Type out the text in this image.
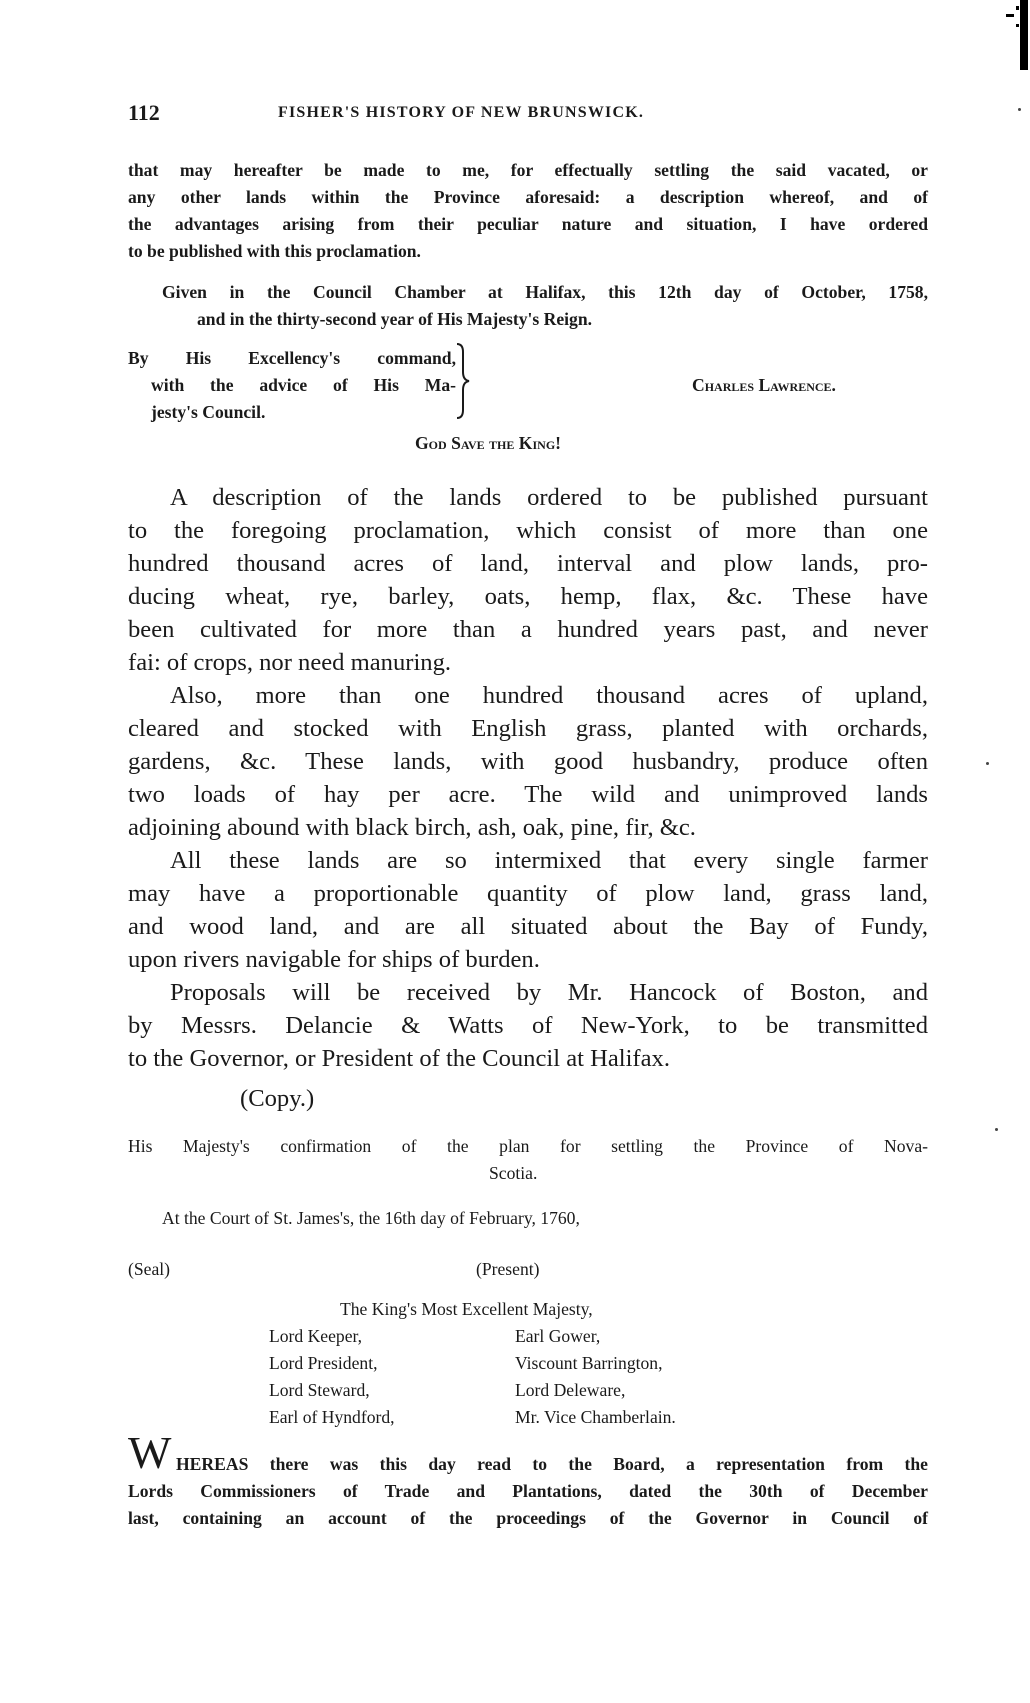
112	FISHER'S HISTORY OF NEW BRUNSWICK.
that may hereafter be made to me, for effectually settling the said vacated, or
any other lands within the Province aforesaid: a description whereof, and of
the advantages arising from their peculiar nature and situation, I have ordered
to be published with this proclamation.
Given in the Council Chamber at Halifax, this 12th day of October, 1758,
and in the thirty-second year of His Majesty's Reign.
By His Excellency's command,
with the advice of His Ma-
jesty's Council.
Charles Lawrence.
God Save the King!
A description of the lands ordered to be published pursuant
to the foregoing proclamation, which consist of more than one
hundred thousand acres of land, interval and plow lands, pro-
ducing wheat, rye, barley, oats, hemp, flax, &c. These have
been cultivated for more than a hundred years past, and never
fai: of crops, nor need manuring.
Also, more than one hundred thousand acres of upland,
cleared and stocked with English grass, planted with orchards,
gardens, &c. These lands, with good husbandry, produce often
two loads of hay per acre. The wild and unimproved lands
adjoining abound with black birch, ash, oak, pine, fir, &c.
All these lands are so intermixed that every single farmer
may have a proportionable quantity of plow land, grass land,
and wood land, and are all situated about the Bay of Fundy,
upon rivers navigable for ships of burden.
Proposals will be received by Mr. Hancock of Boston, and
by Messrs. Delancie & Watts of New-York, to be transmitted
to the Governor, or President of the Council at Halifax.
(Copy.)
His Majesty's confirmation of the plan for settling the Province of Nova-
Scotia.
At the Court of St. James's, the 16th day of February, 1760,
(Seal)	(Present)
The King's Most Excellent Majesty,
Lord Keeper,
Lord President,
Lord Steward,
Earl of Hyndford,
Earl Gower,
Viscount Barrington,
Lord Deleware,
Mr. Vice Chamberlain.
W HEREAS there was this day read to the Board, a representation from the
Lords Commissioners of Trade and Plantations, dated the 30th of December
last, containing an account of the proceedings of the Governor in Council of
